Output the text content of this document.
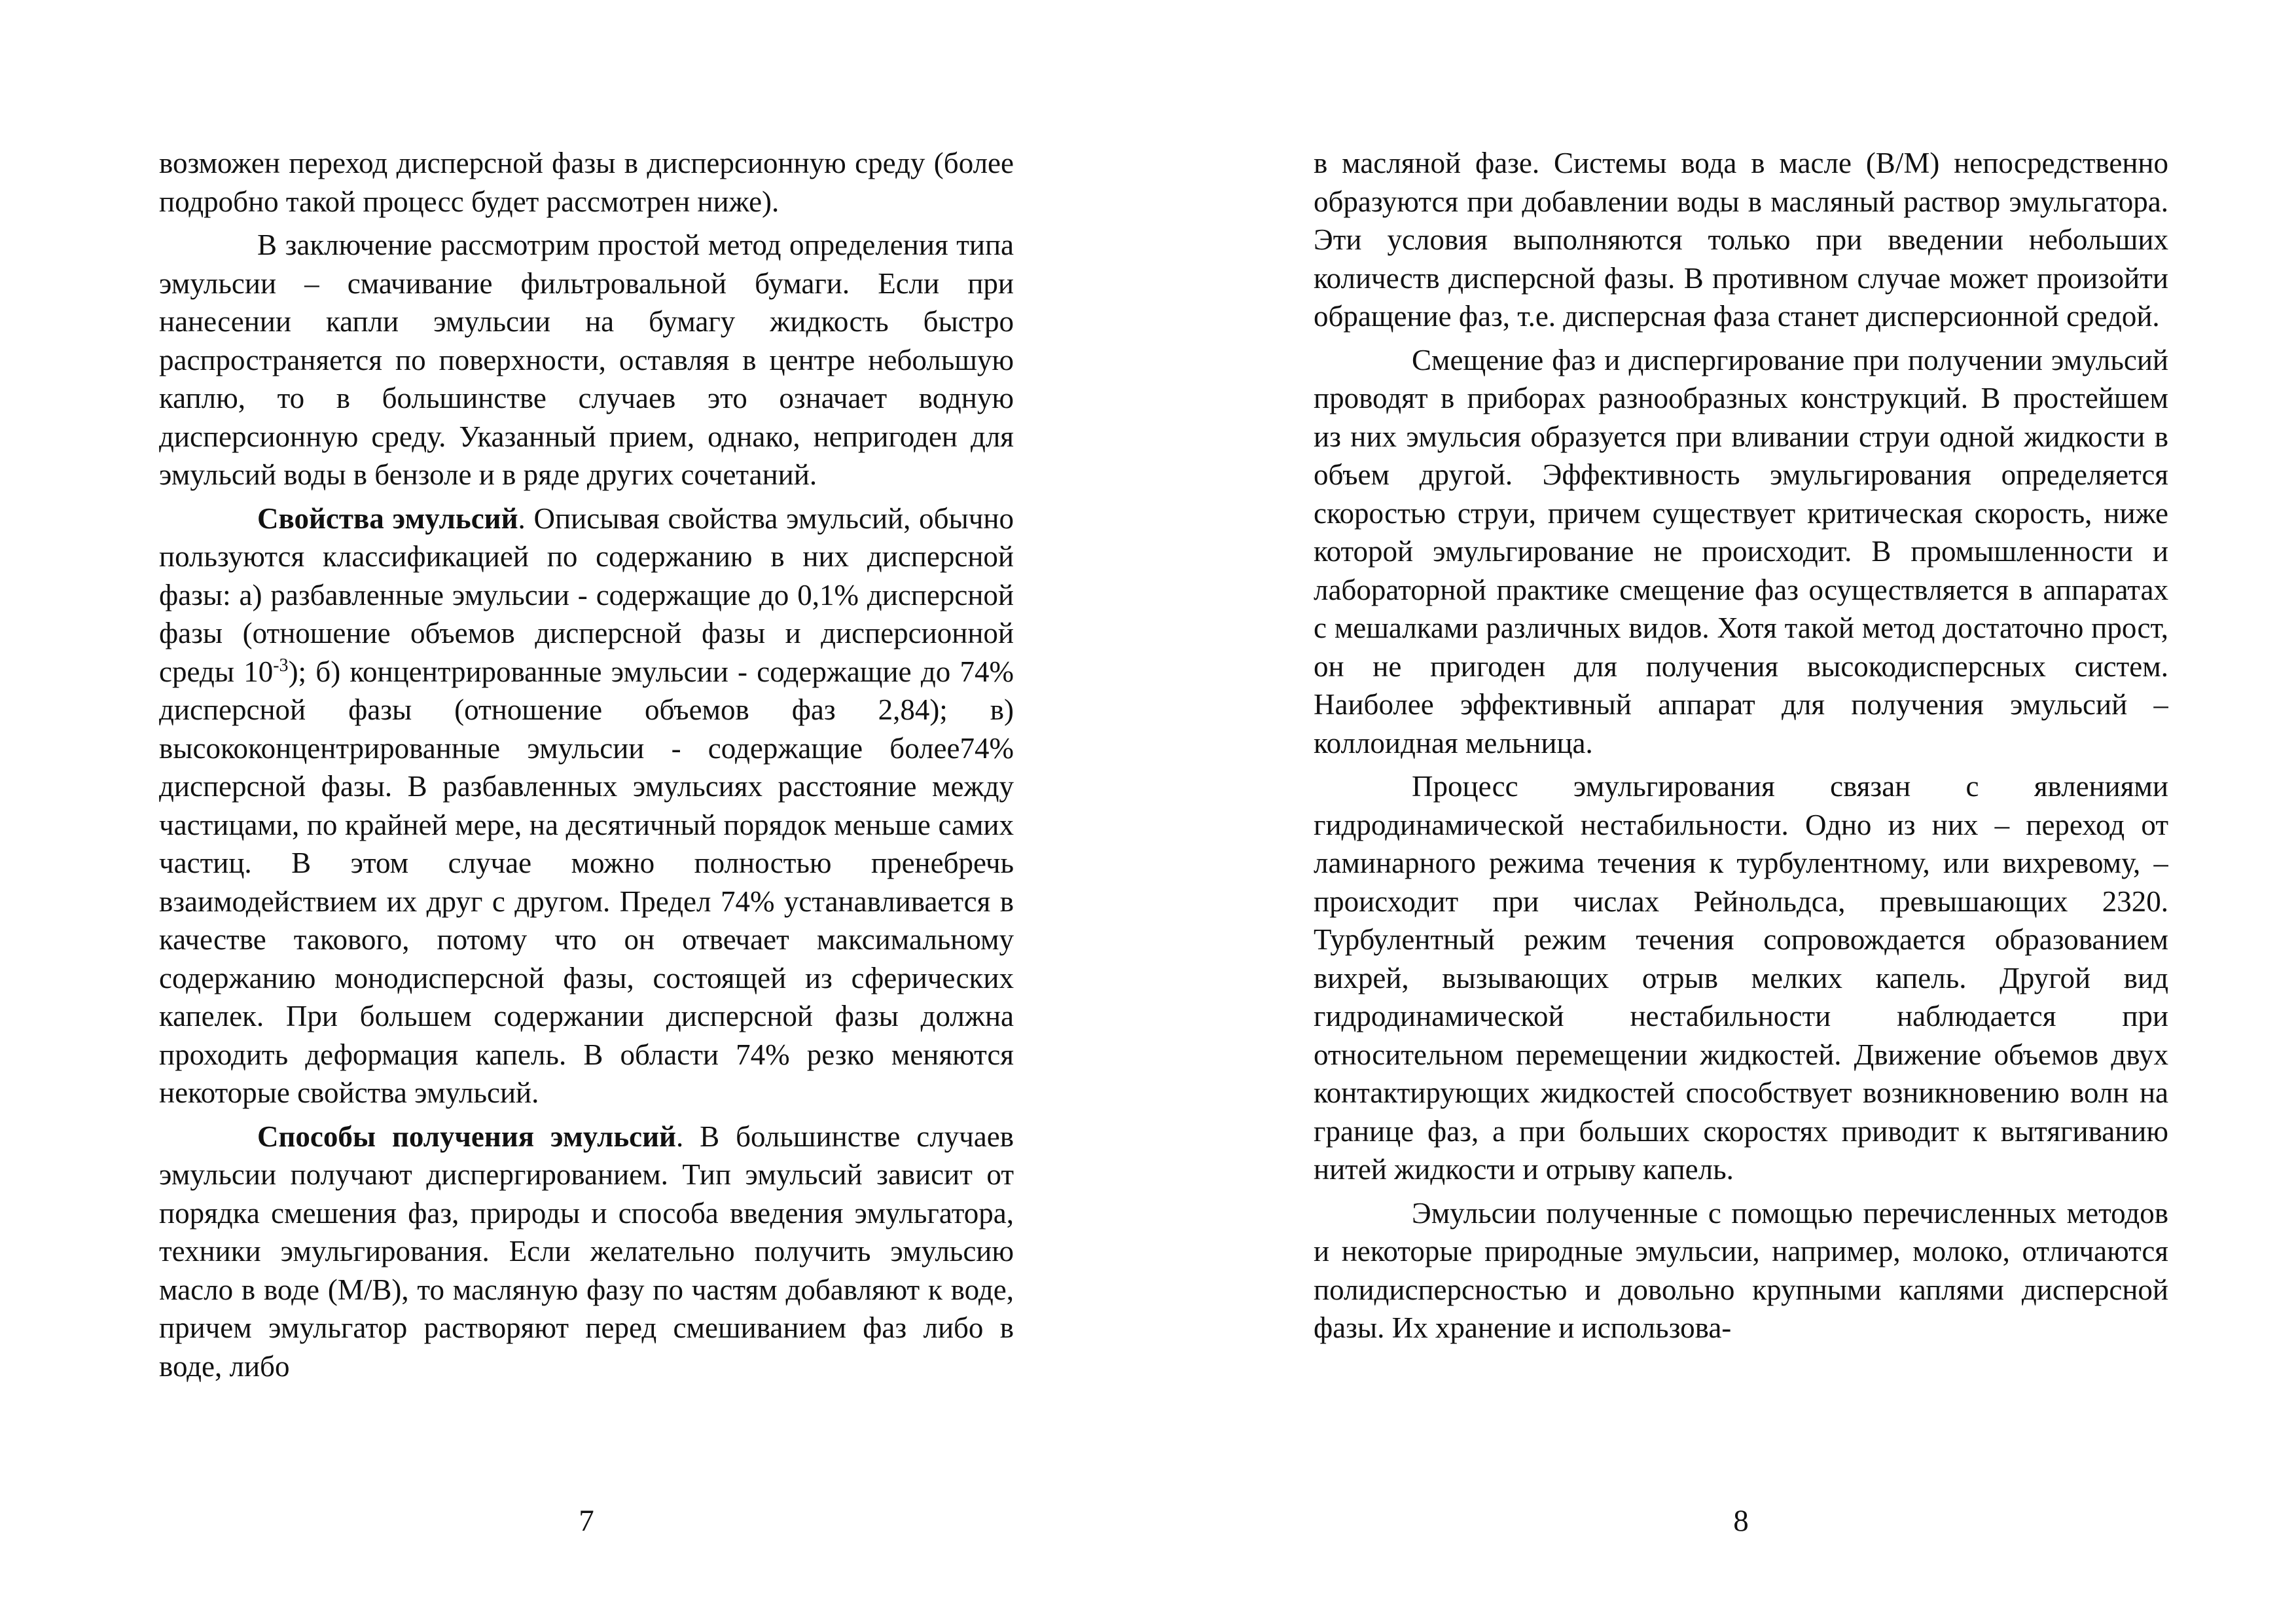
возможен переход дисперсной фазы в дисперсионную среду (более подробно такой процесс будет рассмотрен ниже).

В заключение рассмотрим простой метод определения типа эмульсии – смачивание фильтровальной бумаги. Если при нанесении капли эмульсии на бумагу жидкость быстро распространяется по поверхности, оставляя в центре небольшую каплю, то в большинстве случаев это означает водную дисперсионную среду. Указанный прием, однако, непригоден для эмульсий воды в бензоле и в ряде других сочетаний.

Свойства эмульсий. Описывая свойства эмульсий, обычно пользуются классификацией по содержанию в них дисперсной фазы: а) разбавленные эмульсии - содержащие до 0,1% дисперсной фазы (отношение объемов дисперсной фазы и дисперсионной среды $10^{-3}$); б) концентрированные эмульсии - содержащие до 74% дисперсной фазы (отношение объемов фаз 2,84); в) высококонцентрированные эмульсии - содержащие более74% дисперсной фазы. В разбавленных эмульсиях расстояние между частицами, по крайней мере, на десятичный порядок меньше самих частиц. В этом случае можно полностью пренебречь взаимодействием их друг с другом. Предел 74% устанавливается в качестве такового, потому что он отвечает максимальному содержанию монодисперсной фазы, состоящей из сферических капелек. При большем содержании дисперсной фазы должна проходить деформация капель. В области 74% резко меняются некоторые свойства эмульсий.

Способы получения эмульсий. В большинстве случаев эмульсии получают диспергированием. Тип эмульсий зависит от порядка смешения фаз, природы и способа введения эмульгатора, техники эмульгирования. Если желательно получить эмульсию масло в воде (М/В), то масляную фазу по частям добавляют к воде, причем эмульгатор растворяют перед смешиванием фаз либо в воде, либо

7

в масляной фазе. Системы вода в масле (В/М) непосредственно образуются при добавлении воды в масляный раствор эмульгатора. Эти условия выполняются только при введении небольших количеств дисперсной фазы. В противном случае может произойти обращение фаз, т.е. дисперсная фаза станет дисперсионной средой.

Смещение фаз и диспергирование при получении эмульсий проводят в приборах разнообразных конструкций. В простейшем из них эмульсия образуется при вливании струи одной жидкости в объем другой. Эффективность эмульгирования определяется скоростью струи, причем существует критическая скорость, ниже которой эмульгирование не происходит. В промышленности и лабораторной практике смещение фаз осуществляется в аппаратах с мешалками различных видов. Хотя такой метод достаточно прост, он не пригоден для получения высокодисперсных систем. Наиболее эффективный аппарат для получения эмульсий – коллоидная мельница.

Процесс эмульгирования связан с явлениями гидродинамической нестабильности. Одно из них – переход от ламинарного режима течения к турбулентному, или вихревому, – происходит при числах Рейнольдса, превышающих 2320. Турбулентный режим течения сопровождается образованием вихрей, вызывающих отрыв мелких капель. Другой вид гидродинамической нестабильности наблюдается при относительном перемещении жидкостей. Движение объемов двух контактирующих жидкостей способствует возникновению волн на границе фаз, а при больших скоростях приводит к вытягиванию нитей жидкости и отрыву капель.

Эмульсии полученные с помощью перечисленных методов и некоторые природные эмульсии, например, молоко, отличаются полидисперсностью и довольно крупными каплями дисперсной фазы. Их хранение и использова-

8
